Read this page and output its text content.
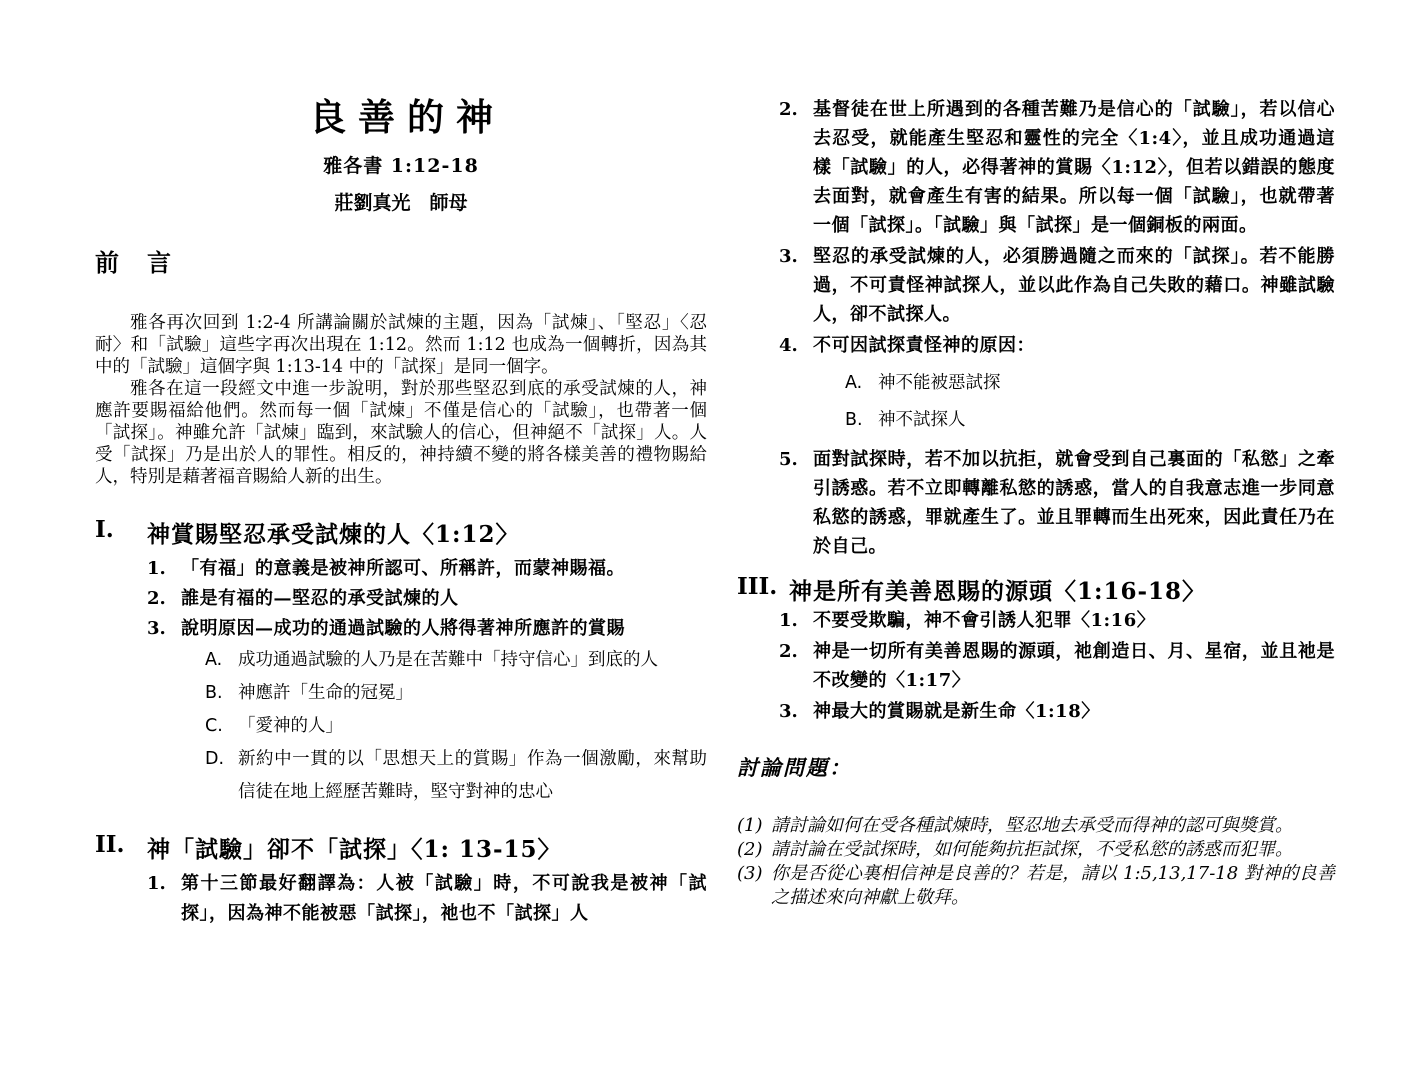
良善的神
雅各書 1:12-18
莊劉真光　師母
前　言

雅各再次回到 1:2-4 所講論關於試煉的主題，因為「試煉」、「堅忍」〈忍耐〉和「試驗」這些字再次出現在 1:12。然而 1:12 也成為一個轉折，因為其中的「試驗」這個字與 1:13-14 中的「試探」是同一個字。

雅各在這一段經文中進一步說明，對於那些堅忍到底的承受試煉的人，神應許要賜福給他們。然而每一個「試煉」不僅是信心的「試驗」，也帶著一個「試探」。神雖允許「試煉」臨到，來試驗人的信心，但神絕不「試探」人。人受「試探」乃是出於人的罪性。相反的，神持續不變的將各樣美善的禮物賜給人，特別是藉著福音賜給人新的出生。

I.	神賞賜堅忍承受試煉的人〈1:12〉
1. 「有福」的意義是被神所認可、所稱許，而蒙神賜福。
2. 誰是有福的—堅忍的承受試煉的人
3. 說明原因—成功的通過試驗的人將得著神所應許的賞賜
A. 成功通過試驗的人乃是在苦難中「持守信心」到底的人
B. 神應許「生命的冠冕」
C. 「愛神的人」
D. 新約中一貫的以「思想天上的賞賜」作為一個激勵，來幫助信徒在地上經歷苦難時，堅守對神的忠心
II. 神「試驗」卻不「試探」〈1: 13-15〉
1. 第十三節最好翻譯為：人被「試驗」時，不可說我是被神「試探」，因為神不能被惡「試探」，祂也不「試探」人
2. 基督徒在世上所遇到的各種苦難乃是信心的「試驗」，若以信心去忍受，就能產生堅忍和靈性的完全〈1:4〉，並且成功通過這樣「試驗」的人，必得著神的賞賜〈1:12〉，但若以錯誤的態度去面對，就會產生有害的結果。所以每一個「試驗」，也就帶著一個「試探」。「試驗」與「試探」是一個銅板的兩面。
3. 堅忍的承受試煉的人，必須勝過隨之而來的「試探」。若不能勝過，不可責怪神試探人，並以此作為自己失敗的藉口。神雖試驗人，卻不試探人。
4. 不可因試探責怪神的原因：
A. 神不能被惡試探
B. 神不試探人
5. 面對試探時，若不加以抗拒，就會受到自己裏面的「私慾」之牽引誘惑。若不立即轉離私慾的誘惑，當人的自我意志進一步同意私慾的誘惑，罪就產生了。並且罪轉而生出死來，因此責任乃在於自己。
III. 神是所有美善恩賜的源頭〈1:16-18〉
1. 不要受欺騙，神不會引誘人犯罪〈1:16〉
2. 神是一切所有美善恩賜的源頭，祂創造日、月、星宿，並且祂是不改變的〈1:17〉
3. 神最大的賞賜就是新生命〈1:18〉
討論問題：
(1) 請討論如何在受各種試煉時，堅忍地去承受而得神的認可與獎賞。
(2) 請討論在受試探時，如何能夠抗拒試探，不受私慾的誘惑而犯罪。
(3) 你是否從心裏相信神是良善的？若是，請以 1:5,13,17-18 對神的良善之描述來向神獻上敬拜。
